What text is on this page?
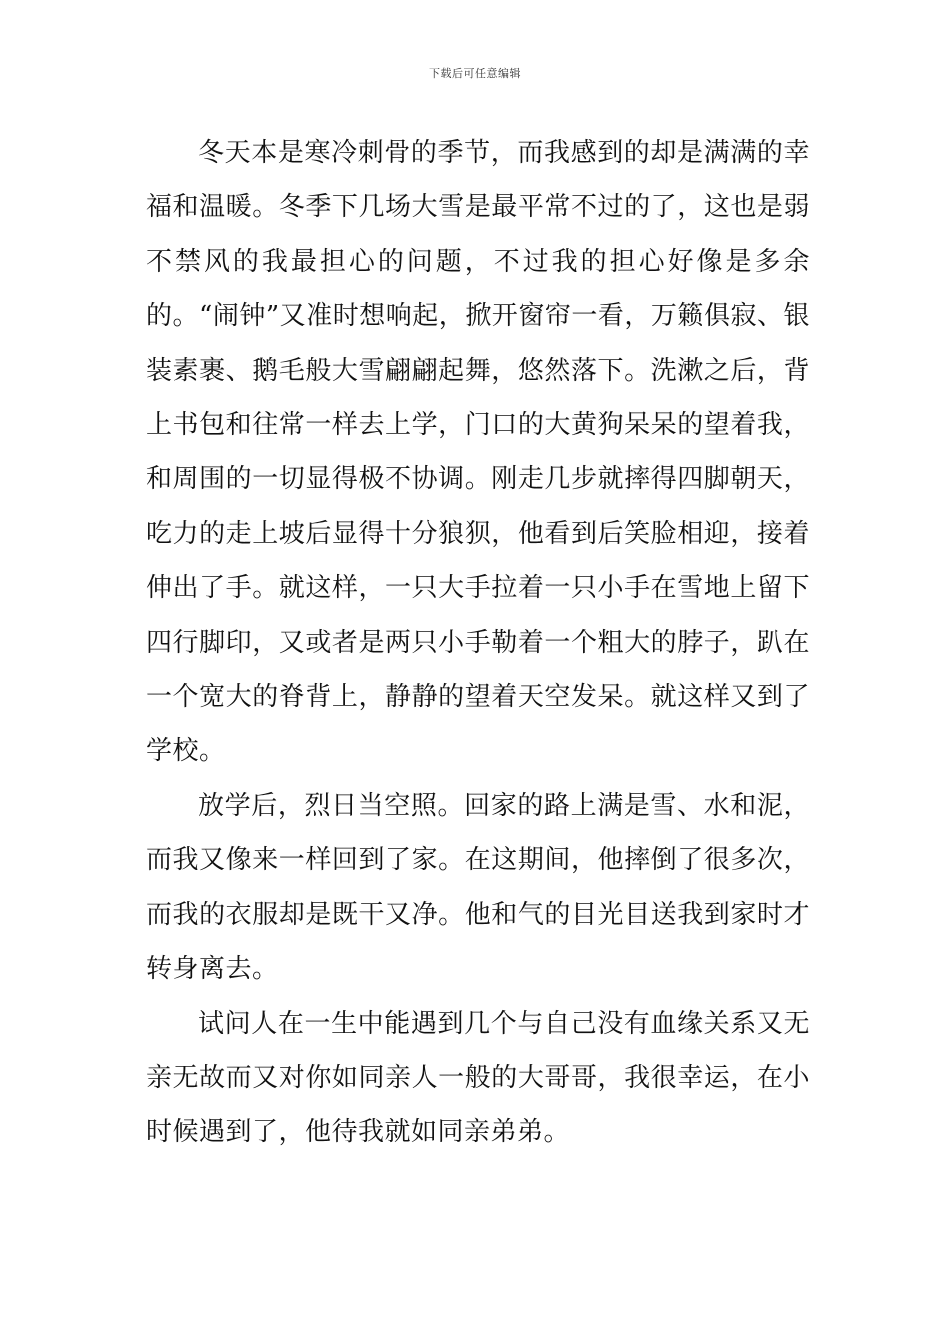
下载后可任意编辑

冬天本是寒冷刺骨的季节，而我感到的却是满满的幸福和温暖。冬季下几场大雪是最平常不过的了，这也是弱不禁风的我最担心的问题，不过我的担心好像是多余的。“闹钟”又准时想响起，掀开窗帘一看，万籁俱寂、银装素裹、鹅毛般大雪翩翩起舞，悠然落下。洗漱之后，背上书包和往常一样去上学，门口的大黄狗呆呆的望着我，和周围的一切显得极不协调。刚走几步就摔得四脚朝天，吃力的走上坡后显得十分狼狈，他看到后笑脸相迎，接着伸出了手。就这样，一只大手拉着一只小手在雪地上留下四行脚印，又或者是两只小手勒着一个粗大的脖子，趴在一个宽大的脊背上，静静的望着天空发呆。就这样又到了学校。

放学后，烈日当空照。回家的路上满是雪、水和泥，而我又像来一样回到了家。在这期间，他摔倒了很多次，而我的衣服却是既干又净。他和气的目光目送我到家时才转身离去。

试问人在一生中能遇到几个与自己没有血缘关系又无亲无故而又对你如同亲人一般的大哥哥，我很幸运，在小时候遇到了，他待我就如同亲弟弟。
